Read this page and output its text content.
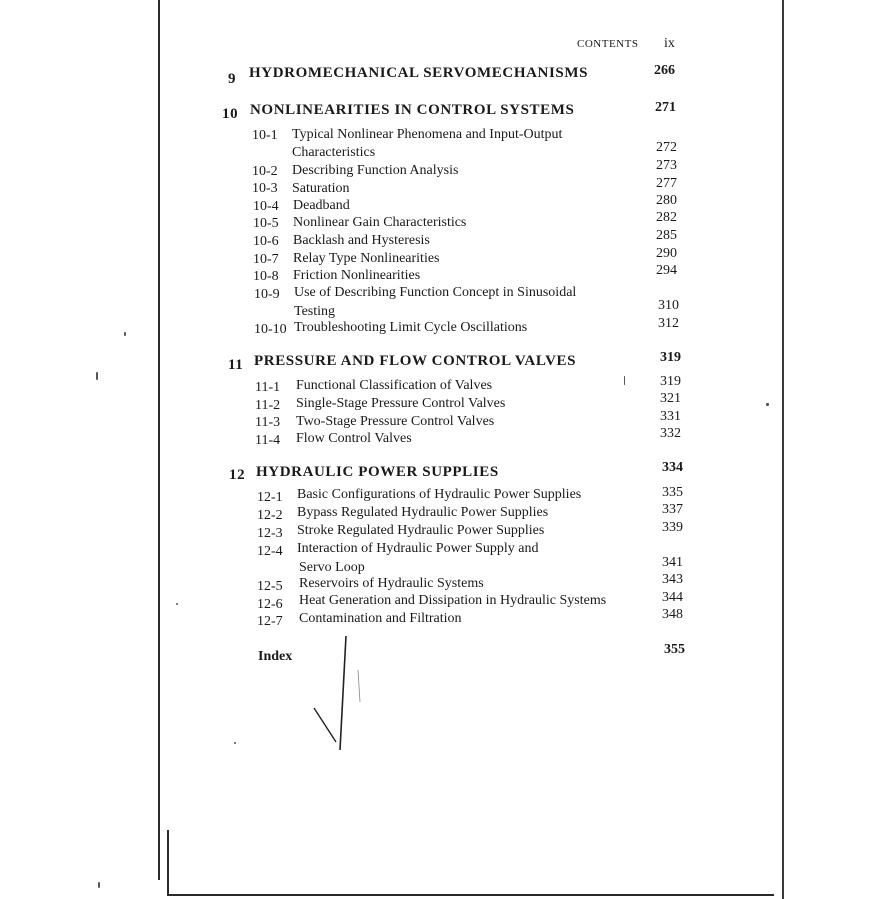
CONTENTS ix
9 HYDROMECHANICAL SERVOMECHANISMS	266
10 NONLINEARITIES IN CONTROL SYSTEMS	271
10-1 Typical Nonlinear Phenomena and Input-Output
Characteristics	272
10-2 Describing Function Analysis	273
10-3 Saturation	277
10-4 Deadband	280
10-5 Nonlinear Gain Characteristics	282
10-6 Backlash and Hysteresis	285
10-7 Relay Type Nonlinearities	290
10-8 Friction Nonlinearities	294
10-9 Use of Describing Function Concept in Sinusoidal
Testing	310
10-10 Troubleshooting Limit Cycle Oscillations	312
11 PRESSURE AND FLOW CONTROL VALVES	319
11-1 Functional Classification of Valves	319
11-2 Single-Stage Pressure Control Valves	321
11-3 Two-Stage Pressure Control Valves	331
11-4 Flow Control Valves	332
12 HYDRAULIC POWER SUPPLIES	334
12-1 Basic Configurations of Hydraulic Power Supplies	335
12-2 Bypass Regulated Hydraulic Power Supplies	337
12-3 Stroke Regulated Hydraulic Power Supplies	339
12-4 Interaction of Hydraulic Power Supply and
Servo Loop	341
12-5 Reservoirs of Hydraulic Systems	343
12-6 Heat Generation and Dissipation in Hydraulic Systems	344
12-7 Contamination and Filtration	348
Index	355
